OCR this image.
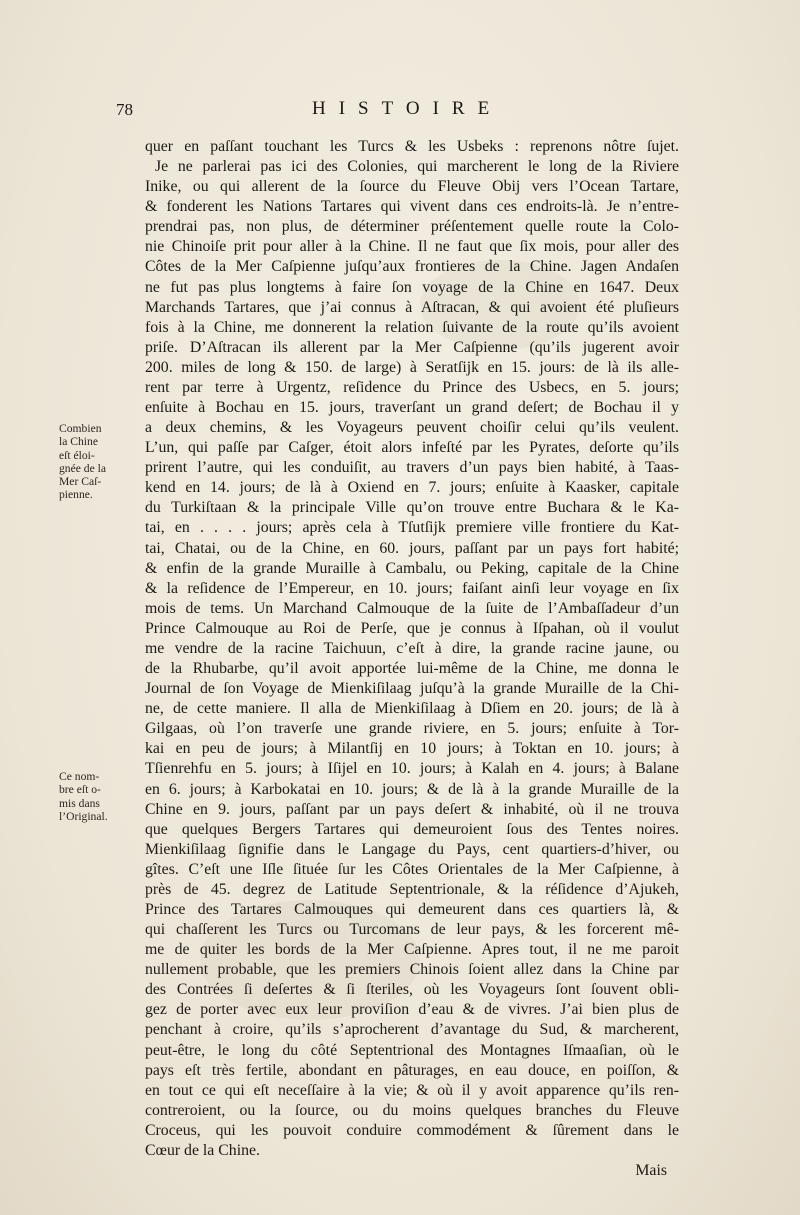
78	HISTOIRE
Combien
la Chine
eſt éloi-
gnée de la
Mer Caſ-
pienne.
Ce nom-
bre eſt o-
mis dans
l’Original.
quer en paſſant touchant les Turcs & les Usbeks : reprenons nôtre ſujet.
Je ne parlerai pas ici des Colonies, qui marcherent le long de la Riviere
Inike, ou qui allerent de la ſource du Fleuve Obij vers l’Ocean Tartare,
& fonderent les Nations Tartares qui vivent dans ces endroits-là. Je n’entre-
prendrai pas, non plus, de déterminer préſentement quelle route la Colo-
nie Chinoiſe prit pour aller à la Chine. Il ne faut que ſix mois, pour aller des
Côtes de la Mer Caſpienne juſqu’aux frontieres de la Chine. Jagen Andaſen
ne fut pas plus longtems à faire ſon voyage de la Chine en 1647. Deux
Marchands Tartares, que j’ai connus à Aſtracan, & qui avoient été pluſieurs
fois à la Chine, me donnerent la relation ſuivante de la route qu’ils avoient
priſe. D’Aſtracan ils allerent par la Mer Caſpienne (qu’ils jugerent avoir
200. miles de long & 150. de large) à Seratſijk en 15. jours: de là ils alle-
rent par terre à Urgentz, reſidence du Prince des Usbecs, en 5. jours;
enſuite à Bochau en 15. jours, traverſant un grand deſert; de Bochau il y
a deux chemins, & les Voyageurs peuvent choiſir celui qu’ils veulent.
L’un, qui paſſe par Caſger, étoit alors infeſté par les Pyrates, deſorte qu’ils
prirent l’autre, qui les conduiſit, au travers d’un pays bien habité, à Taas-
kend en 14. jours; de là à Oxiend en 7. jours; enſuite à Kaasker, capitale
du Turkiſtaan & la principale Ville qu’on trouve entre Buchara & le Ka-
tai, en . . . . jours; après cela à Tſutſijk premiere ville frontiere du Kat-
tai, Chatai, ou de la Chine, en 60. jours, paſſant par un pays fort habité;
& enfin de la grande Muraille à Cambalu, ou Peking, capitale de la Chine
& la reſidence de l’Empereur, en 10. jours; faiſant ainſi leur voyage en ſix
mois de tems. Un Marchand Calmouque de la ſuite de l’Ambaſſadeur d’un
Prince Calmouque au Roi de Perſe, que je connus à Iſpahan, où il voulut
me vendre de la racine Taichuun, c’eſt à dire, la grande racine jaune, ou
de la Rhubarbe, qu’il avoit apportée lui-même de la Chine, me donna le
Journal de ſon Voyage de Mienkiſilaag juſqu’à la grande Muraille de la Chi-
ne, de cette maniere. Il alla de Mienkiſilaag à Dſiem en 20. jours; de là à
Gilgaas, où l’on traverſe une grande riviere, en 5. jours; enſuite à Tor-
kai en peu de jours; à Milantſij en 10 jours; à Toktan en 10. jours; à
Tſienrehfu en 5. jours; à Iſijel en 10. jours; à Kalah en 4. jours; à Balane
en 6. jours; à Karbokatai en 10. jours; & de là à la grande Muraille de la
Chine en 9. jours, paſſant par un pays deſert & inhabité, où il ne trouva
que quelques Bergers Tartares qui demeuroient ſous des Tentes noires.
Mienkiſilaag ſignifie dans le Langage du Pays, cent quartiers-d’hiver, ou
gîtes. C’eſt une Iſle ſituée ſur les Côtes Orientales de la Mer Caſpienne, à
près de 45. degrez de Latitude Septentrionale, & la réſidence d’Ajukeh,
Prince des Tartares Calmouques qui demeurent dans ces quartiers là, &
qui chaſſerent les Turcs ou Turcomans de leur pays, & les forcerent mê-
me de quiter les bords de la Mer Caſpienne. Apres tout, il ne me paroit
nullement probable, que les premiers Chinois ſoient allez dans la Chine par
des Contrées ſi deſertes & ſi ſteriles, où les Voyageurs ſont ſouvent obli-
gez de porter avec eux leur proviſion d’eau & de vivres. J’ai bien plus de
penchant à croire, qu’ils s’aprocherent d’avantage du Sud, & marcherent,
peut-être, le long du côté Septentrional des Montagnes Iſmaaſian, où le
pays eſt très fertile, abondant en pâturages, en eau douce, en poiſſon, &
en tout ce qui eſt neceſſaire à la vie; & où il y avoit apparence qu’ils ren-
contreroient, ou la ſource, ou du moins quelques branches du Fleuve
Croceus, qui les pouvoit conduire commodément & ſûrement dans le
Cœur de la Chine.
Mais
